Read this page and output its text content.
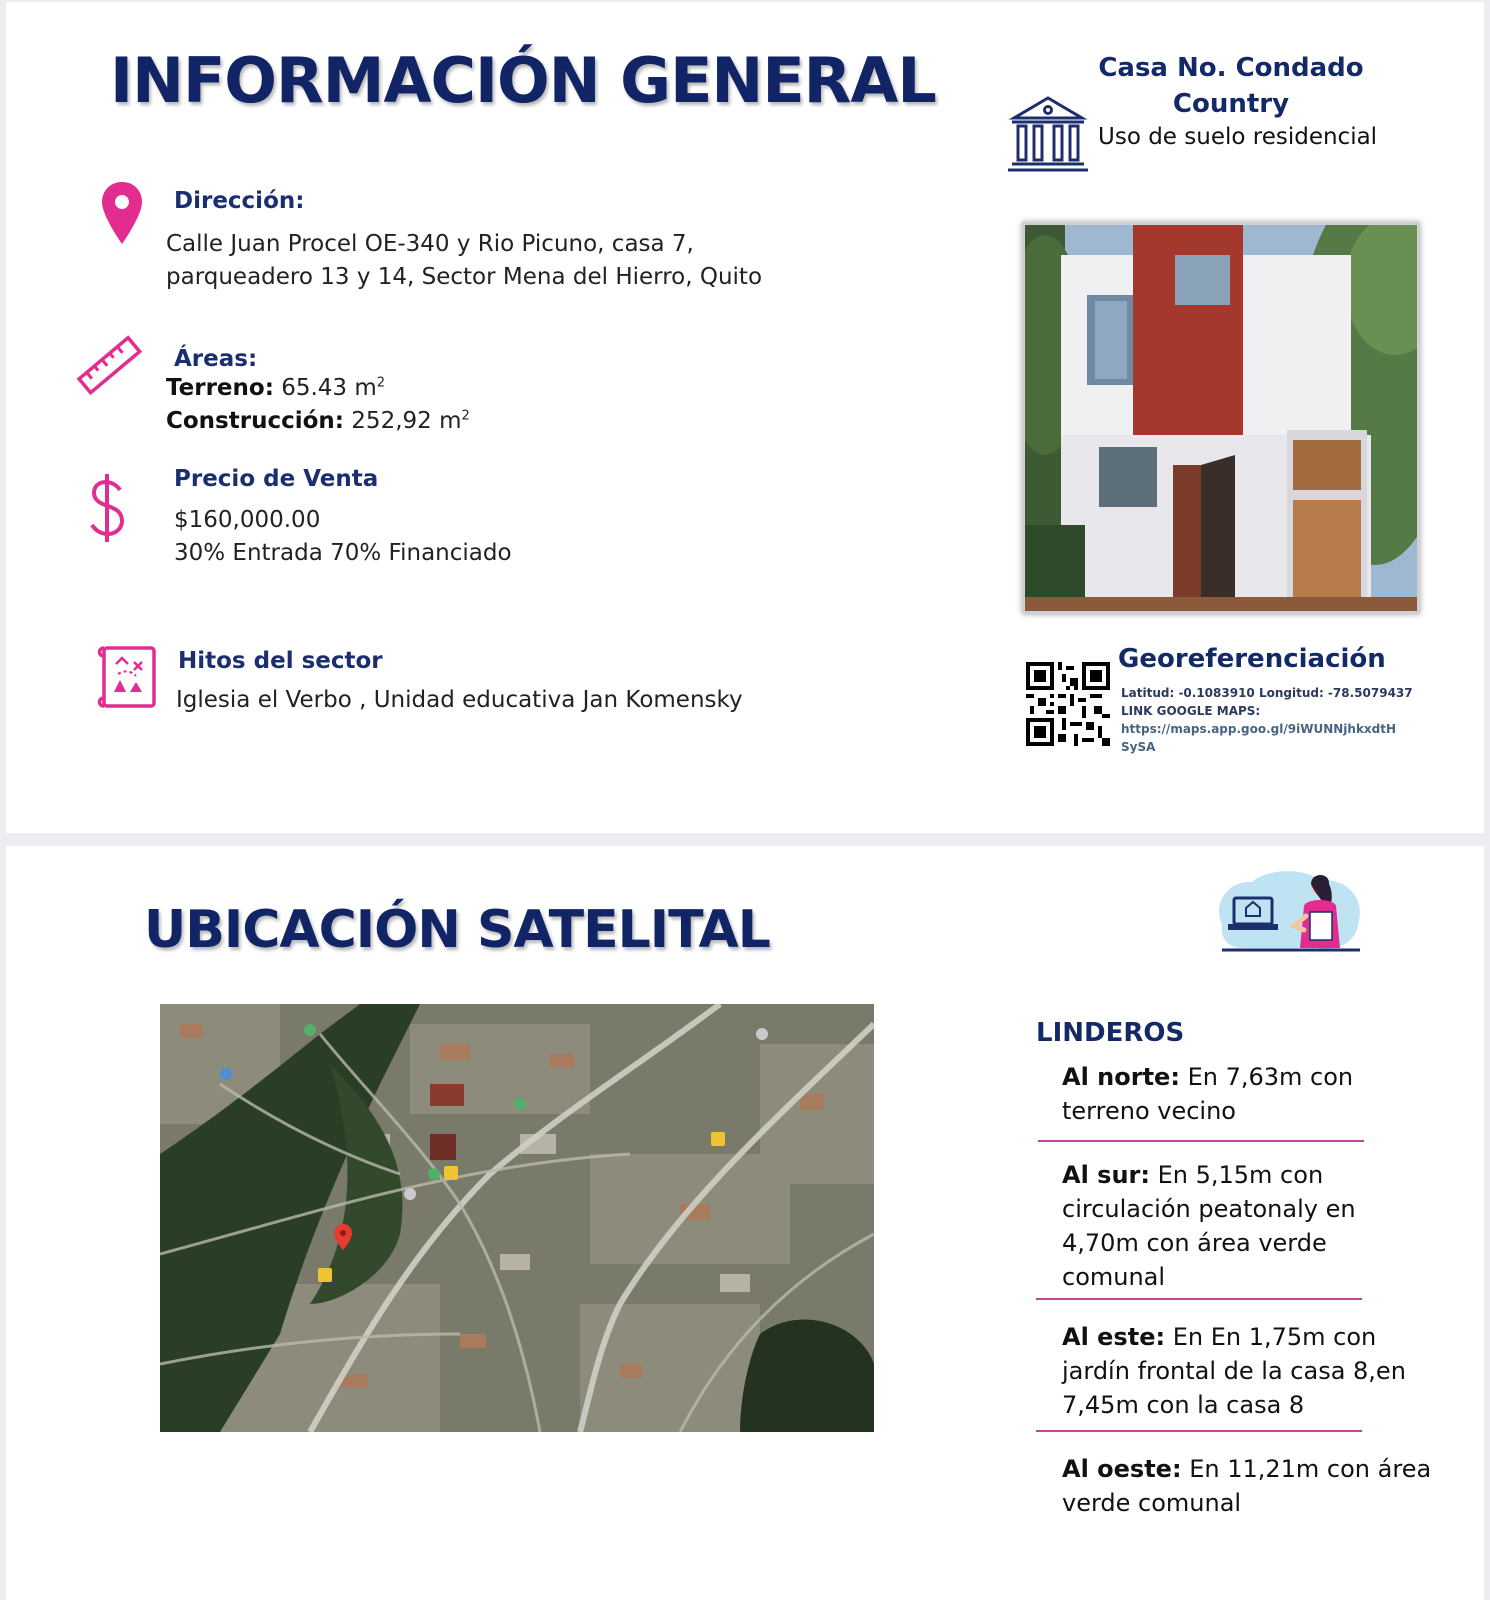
INFORMACIÓN GENERAL	Casa No. Condado
Country
Uso de suelo residencial
Dirección:
Calle Juan Procel OE-340 y Rio Picuno, casa 7,
parqueadero 13 y 14, Sector Mena del Hierro, Quito
Áreas:
Terreno: 65.43 $m^2$
Construcción: 252,92 $m^2$
Precio de Venta
$160,000.00
30% Entrada 70% Financiado
Hitos del sector
Iglesia el Verbo , Unidad educativa Jan Komensky
Georeferenciación
Latitud: -0.1083910 Longitud: -78.5079437
LINK GOOGLE MAPS:
https://maps.app.goo.gl/9iWUNNjhkxdtH
SySA
UBICACIÓN SATELITAL
LINDEROS
Al norte: En 7,63m con
terreno vecino
Al sur: En 5,15m con
circulación peatonaly en
4,70m con área verde
comunal
Al este: En En 1,75m con
jardín frontal de la casa 8,en
7,45m con la casa 8
Al oeste: En 11,21m con área
verde comunal
